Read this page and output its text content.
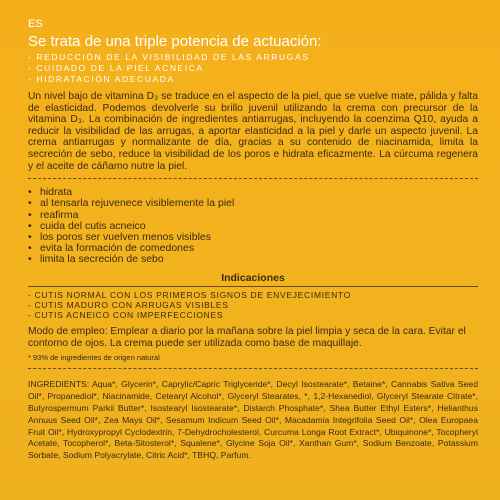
ES
Se trata de una triple potencia de actuación:
- REDUCCIÓN DE LA VISIBILIDAD DE LAS ARRUGAS
- CUIDADO DE LA PIEL ACNEICA
- HIDRATACIÓN ADECUADA

Un nivel bajo de vitamina D₃ se traduce en el aspecto de la piel, que se vuelve mate, pálida y falta de elasticidad. Podemos devolverle su brillo juvenil utilizando la crema con precursor de la vitamina D₃. La combinación de ingredientes antiarrugas, incluyendo la coenzima Q10, ayuda a reducir la visibilidad de las arrugas, a aportar elasticidad a la piel y darle un aspecto juvenil. La crema antiarrugas y normalizante de día, gracias a su contenido de niacinamida, limita la secreción de sebo, reduce la visibilidad de los poros e hidrata eficazmente. La cúrcuma regenera y el aceite de cáñamo nutre la piel.

• hidrata
• al tensarla rejuvenece visiblemente la piel
• reafirma
• cuida del cutis acneico
• los poros ser vuelven menos visibles
• evita la formación de comedones
• limita la secreción de sebo
Indicaciones
- CUTIS NORMAL CON LOS PRIMEROS SIGNOS DE ENVEJECIMIENTO
- CUTIS MADURO CON ARRUGAS VISIBLES
- CUTIS ACNEICO CON IMPERFECCIONES

Modo de empleo: Emplear a diario por la mañana sobre la piel limpia y seca de la cara. Evitar el contorno de ojos. La crema puede ser utilizada como base de maquillaje.

* 93% de ingredientes de origen natural

INGREDIENTS: Aqua*, Glycerin*, Caprylic/Capric Triglyceride*, Decyl Isostearate*, Betaine*, Cannabis Sativa Seed Oil*, Propanediol*, Niacinamide, Cetearyl Alcohol*, Glyceryl Stearates, *, 1,2-Hexanediol, Glyceryl Stearate Citrate*, Butyrospermum Parkii Butter*, Isostearyl Isostearate*, Distarch Phosphate*, Shea Butter Ethyl Esters*, Helianthus Annuus Seed Oil*, Zea Mays Oil*, Sesamum Indicum Seed Oil*, Macadamia Integrifolia Seed Oil*, Olea Europaea Fruit Oil*, Hydroxypropyl Cyclodextrin, 7-Dehydrocholesterol, Curcuma Longa Root Extract*, Ubiquinone*, Tocopheryl Acetate, Tocopherol*, Beta-Sitosterol*, Squalene*, Glycine Soja Oil*, Xanthan Gum*, Sodium Benzoate, Potassium Sorbate, Sodium Polyacrylate, Citric Acid*, TBHQ, Parfum.
